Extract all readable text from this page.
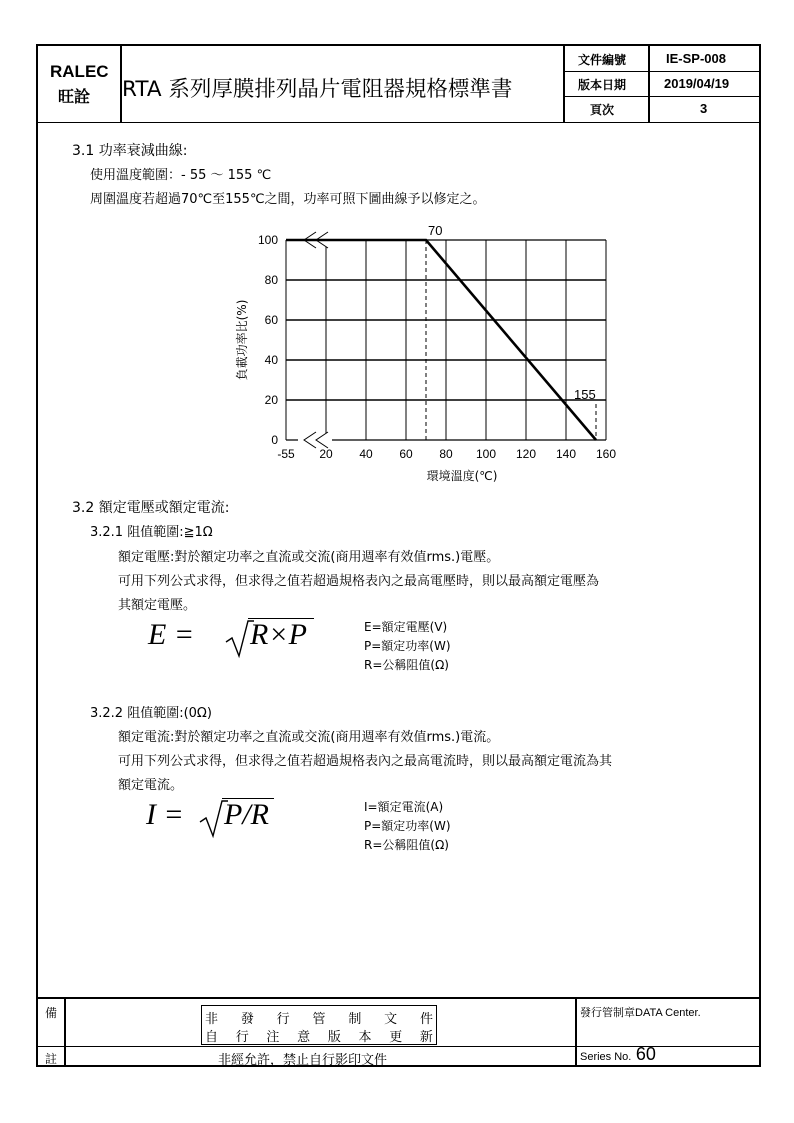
RALEC
旺詮 RTA 系列厚膜排列晶片電阻器規格標準書
文件編號	IE-SP-008
版本日期	2019/04/19
頁次	3
3.1 功率衰減曲線:
使用溫度範圍：- 55 ～ 155 ℃
周圍溫度若超過70℃至155℃之間，功率可照下圖曲線予以修定之。
0
20
40
60
80
100
-55 20 40 60 80 100 120 140 160
70
155
環境溫度(℃)
負載功率比(%)
3.2 額定電壓或額定電流:
3.2.1 阻值範圍:≧1Ω
額定電壓:對於額定功率之直流或交流(商用週率有效值rms.)電壓。
可用下列公式求得，但求得之值若超過規格表內之最高電壓時，則以最高額定電壓為
其額定電壓。
E = R×P	E=額定電壓(V)
P=額定功率(W)
R=公稱阻值(Ω)
3.2.2 阻值範圍:(0Ω)
額定電流:對於額定功率之直流或交流(商用週率有效值rms.)電流。
可用下列公式求得，但求得之值若超過規格表內之最高電流時，則以最高額定電流為其
額定電流。
I = P/R	I=額定電流(A)
P=額定功率(W)
R=公稱阻值(Ω)
備
註
非 發 行 管 制 文 件
自 行 注 意 版 本 更 新
非經允許，禁止自行影印文件
發行管制章DATA Center.
Series No. 60
